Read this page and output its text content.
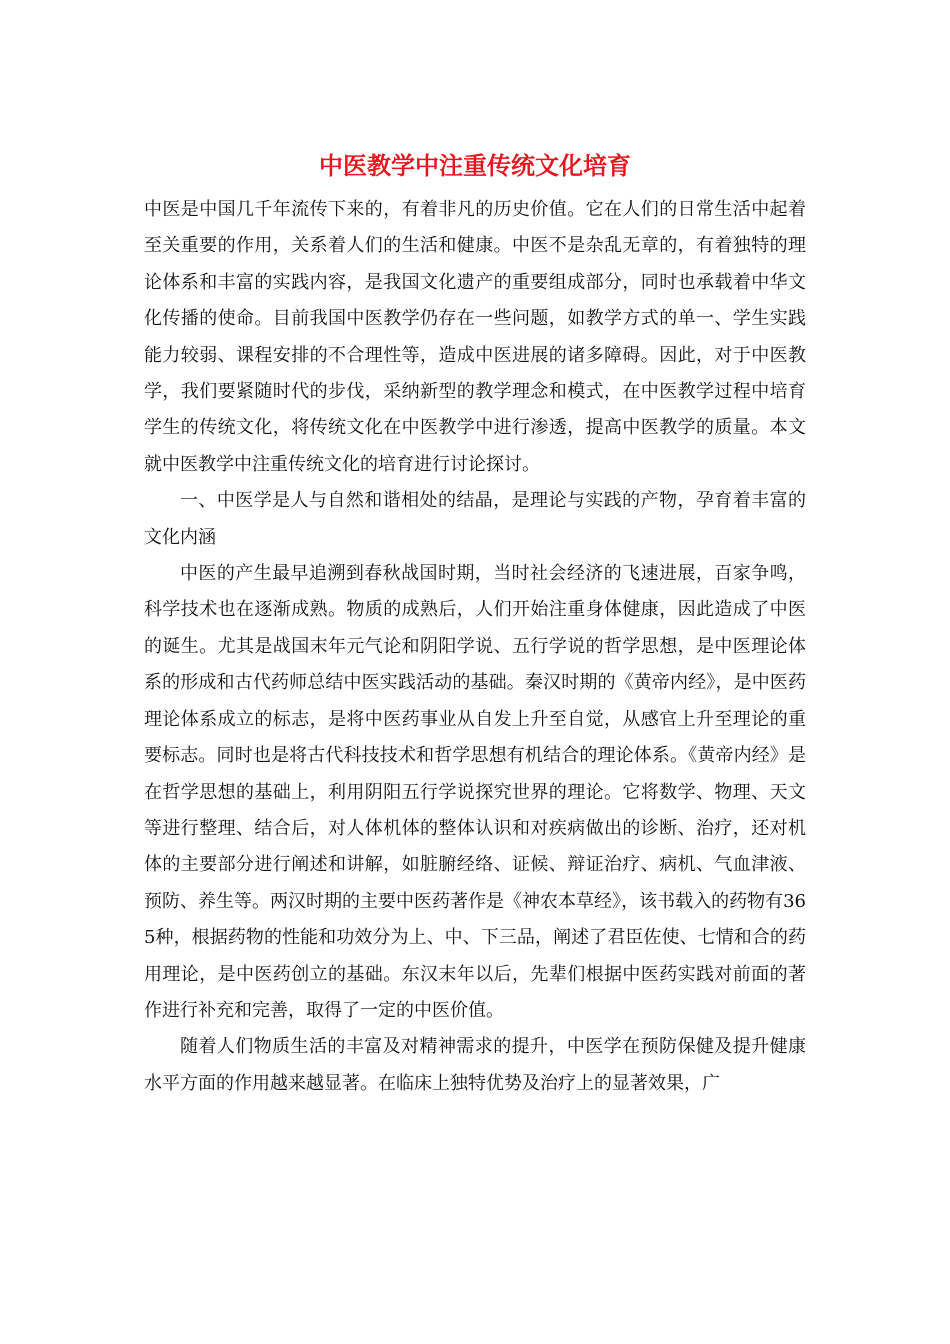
中医教学中注重传统文化培育

中医是中国几千年流传下来的，有着非凡的历史价值。它在人们的日常生活中起着至关重要的作用，关系着人们的生活和健康。中医不是杂乱无章的，有着独特的理论体系和丰富的实践内容，是我国文化遗产的重要组成部分，同时也承载着中华文化传播的使命。目前我国中医教学仍存在一些问题，如教学方式的单一、学生实践能力较弱、课程安排的不合理性等，造成中医进展的诸多障碍。因此，对于中医教学，我们要紧随时代的步伐，采纳新型的教学理念和模式，在中医教学过程中培育学生的传统文化，将传统文化在中医教学中进行渗透，提高中医教学的质量。本文就中医教学中注重传统文化的培育进行讨论探讨。

一、中医学是人与自然和谐相处的结晶，是理论与实践的产物，孕育着丰富的文化内涵

中医的产生最早追溯到春秋战国时期，当时社会经济的飞速进展，百家争鸣，科学技术也在逐渐成熟。物质的成熟后，人们开始注重身体健康，因此造成了中医的诞生。尤其是战国末年元气论和阴阳学说、五行学说的哲学思想，是中医理论体系的形成和古代药师总结中医实践活动的基础。秦汉时期的《黄帝内经》，是中医药理论体系成立的标志，是将中医药事业从自发上升至自觉，从感官上升至理论的重要标志。同时也是将古代科技技术和哲学思想有机结合的理论体系。《黄帝内经》是在哲学思想的基础上，利用阴阳五行学说探究世界的理论。它将数学、物理、天文等进行整理、结合后，对人体机体的整体认识和对疾病做出的诊断、治疗，还对机体的主要部分进行阐述和讲解，如脏腑经络、证候、辩证治疗、病机、气血津液、预防、养生等。两汉时期的主要中医药著作是《神农本草经》，该书载入的药物有365种，根据药物的性能和功效分为上、中、下三品，阐述了君臣佐使、七情和合的药用理论，是中医药创立的基础。东汉末年以后，先辈们根据中医药实践对前面的著作进行补充和完善，取得了一定的中医价值。

随着人们物质生活的丰富及对精神需求的提升，中医学在预防保健及提升健康水平方面的作用越来越显著。在临床上独特优势及治疗上的显著效果，广
